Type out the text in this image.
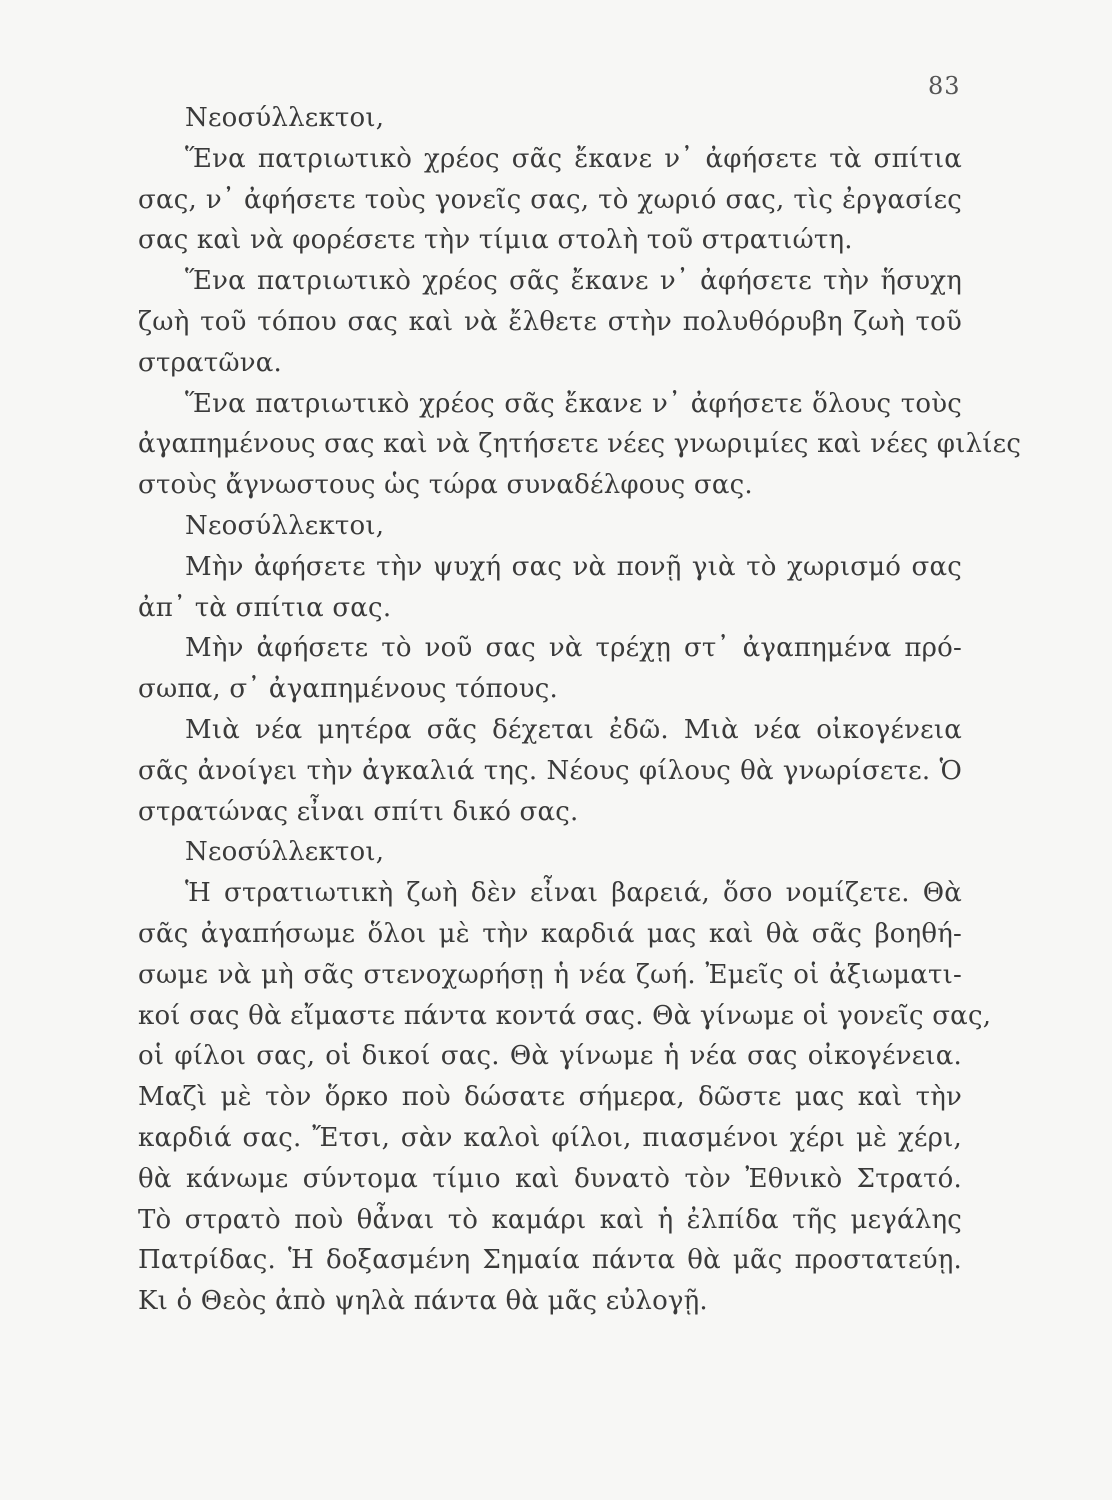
83
Νεοσύλλεκτοι,
Ἕνα πατριωτικὸ χρέος σᾶς ἔκανε ν᾽ ἀφήσετε τὰ σπίτια
σας, ν᾽ ἀφήσετε τοὺς γονεῖς σας, τὸ χωριό σας, τὶς ἐργασίες
σας καὶ νὰ φορέσετε τὴν τίμια στολὴ τοῦ στρατιώτη.
Ἕνα πατριωτικὸ χρέος σᾶς ἔκανε ν᾽ ἀφήσετε τὴν ἥσυχη
ζωὴ τοῦ τόπου σας καὶ νὰ ἔλθετε στὴν πολυθόρυβη ζωὴ τοῦ
στρατῶνα.
Ἕνα πατριωτικὸ χρέος σᾶς ἔκανε ν᾽ ἀφήσετε ὅλους τοὺς
ἀγαπημένους σας καὶ νὰ ζητήσετε νέες γνωριμίες καὶ νέες φιλίες
στοὺς ἄγνωστους ὡς τώρα συναδέλφους σας.
Νεοσύλλεκτοι,
Μὴν ἀφήσετε τὴν ψυχή σας νὰ πονῇ γιὰ τὸ χωρισμό σας
ἀπ᾽ τὰ σπίτια σας.
Μὴν ἀφήσετε τὸ νοῦ σας νὰ τρέχῃ στ᾽ ἀγαπημένα πρό-
σωπα, σ᾽ ἀγαπημένους τόπους.
Μιὰ νέα μητέρα σᾶς δέχεται ἐδῶ. Μιὰ νέα οἰκογένεια
σᾶς ἀνοίγει τὴν ἀγκαλιά της. Νέους φίλους θὰ γνωρίσετε. Ὁ
στρατώνας εἶναι σπίτι δικό σας.
Νεοσύλλεκτοι,
Ἡ στρατιωτικὴ ζωὴ δὲν εἶναι βαρειά, ὅσο νομίζετε. Θὰ
σᾶς ἀγαπήσωμε ὅλοι μὲ τὴν καρδιά μας καὶ θὰ σᾶς βοηθή-
σωμε νὰ μὴ σᾶς στενοχωρήσῃ ἡ νέα ζωή. Ἐμεῖς οἱ ἀξιωματι-
κοί σας θὰ εἴμαστε πάντα κοντά σας. Θὰ γίνωμε οἱ γονεῖς σας,
οἱ φίλοι σας, οἱ δικοί σας. Θὰ γίνωμε ἡ νέα σας οἰκογένεια.
Μαζὶ μὲ τὸν ὅρκο ποὺ δώσατε σήμερα, δῶστε μας καὶ τὴν
καρδιά σας. Ἔτσι, σὰν καλοὶ φίλοι, πιασμένοι χέρι μὲ χέρι,
θὰ κάνωμε σύντομα τίμιο καὶ δυνατὸ τὸν Ἐθνικὸ Στρατό.
Τὸ στρατὸ ποὺ θἆναι τὸ καμάρι καὶ ἡ ἐλπίδα τῆς μεγάλης
Πατρίδας. Ἡ δοξασμένη Σημαία πάντα θὰ μᾶς προστατεύῃ.
Κι ὁ Θεὸς ἀπὸ ψηλὰ πάντα θὰ μᾶς εὐλογῇ.
